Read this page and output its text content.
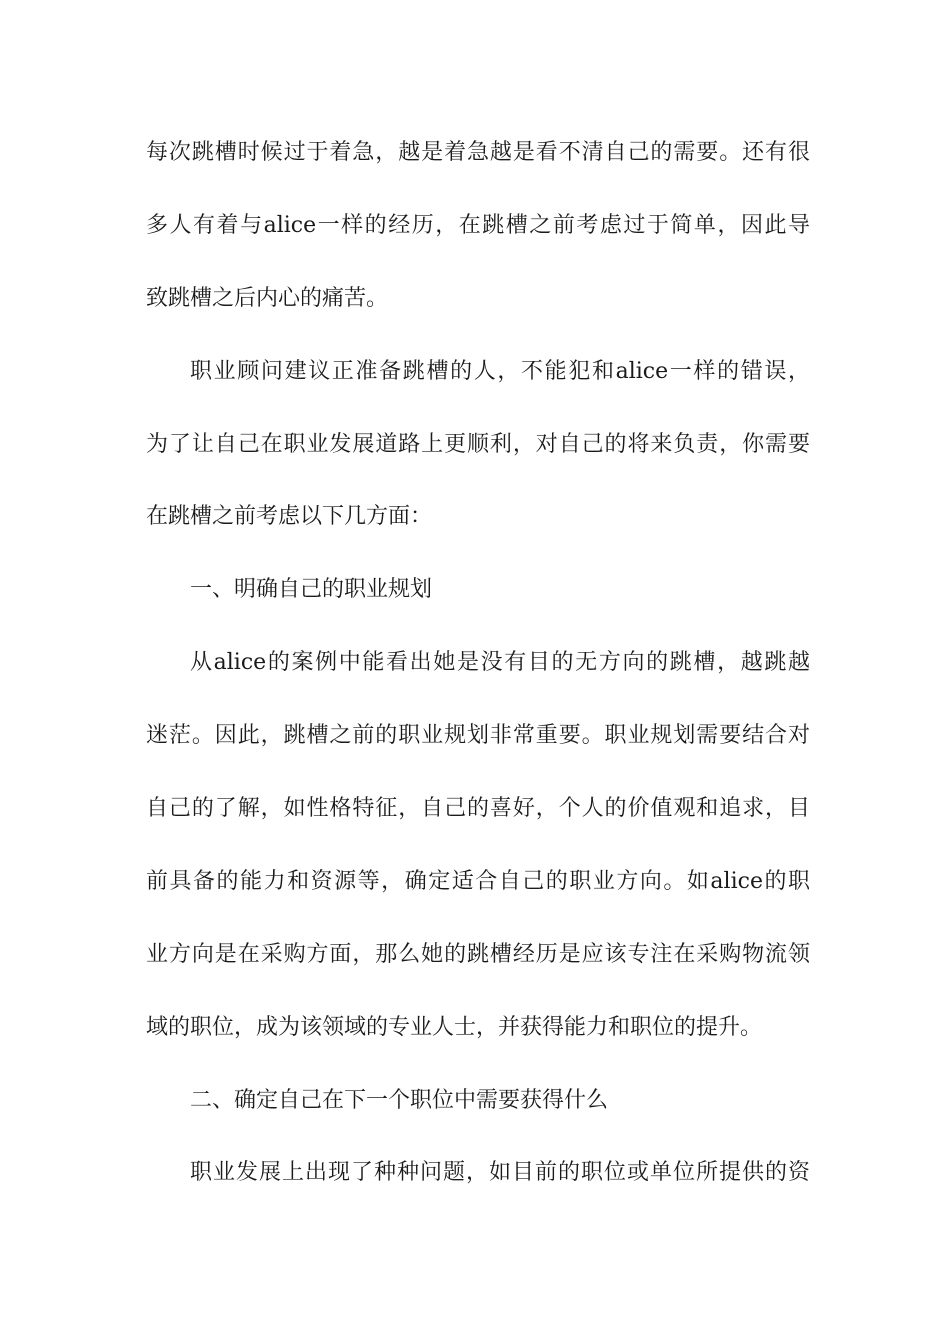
每次跳槽时候过于着急，越是着急越是看不清自己的需要。还有很
多人有着与alice一样的经历，在跳槽之前考虑过于简单，因此导
致跳槽之后内心的痛苦。
职业顾问建议正准备跳槽的人，不能犯和alice一样的错误，
为了让自己在职业发展道路上更顺利，对自己的将来负责，你需要
在跳槽之前考虑以下几方面：
一、明确自己的职业规划
从alice的案例中能看出她是没有目的无方向的跳槽，越跳越
迷茫。因此，跳槽之前的职业规划非常重要。职业规划需要结合对
自己的了解，如性格特征，自己的喜好，个人的价值观和追求，目
前具备的能力和资源等，确定适合自己的职业方向。如alice的职
业方向是在采购方面，那么她的跳槽经历是应该专注在采购物流领
域的职位，成为该领域的专业人士，并获得能力和职位的提升。
二、确定自己在下一个职位中需要获得什么
职业发展上出现了种种问题，如目前的职位或单位所提供的资
